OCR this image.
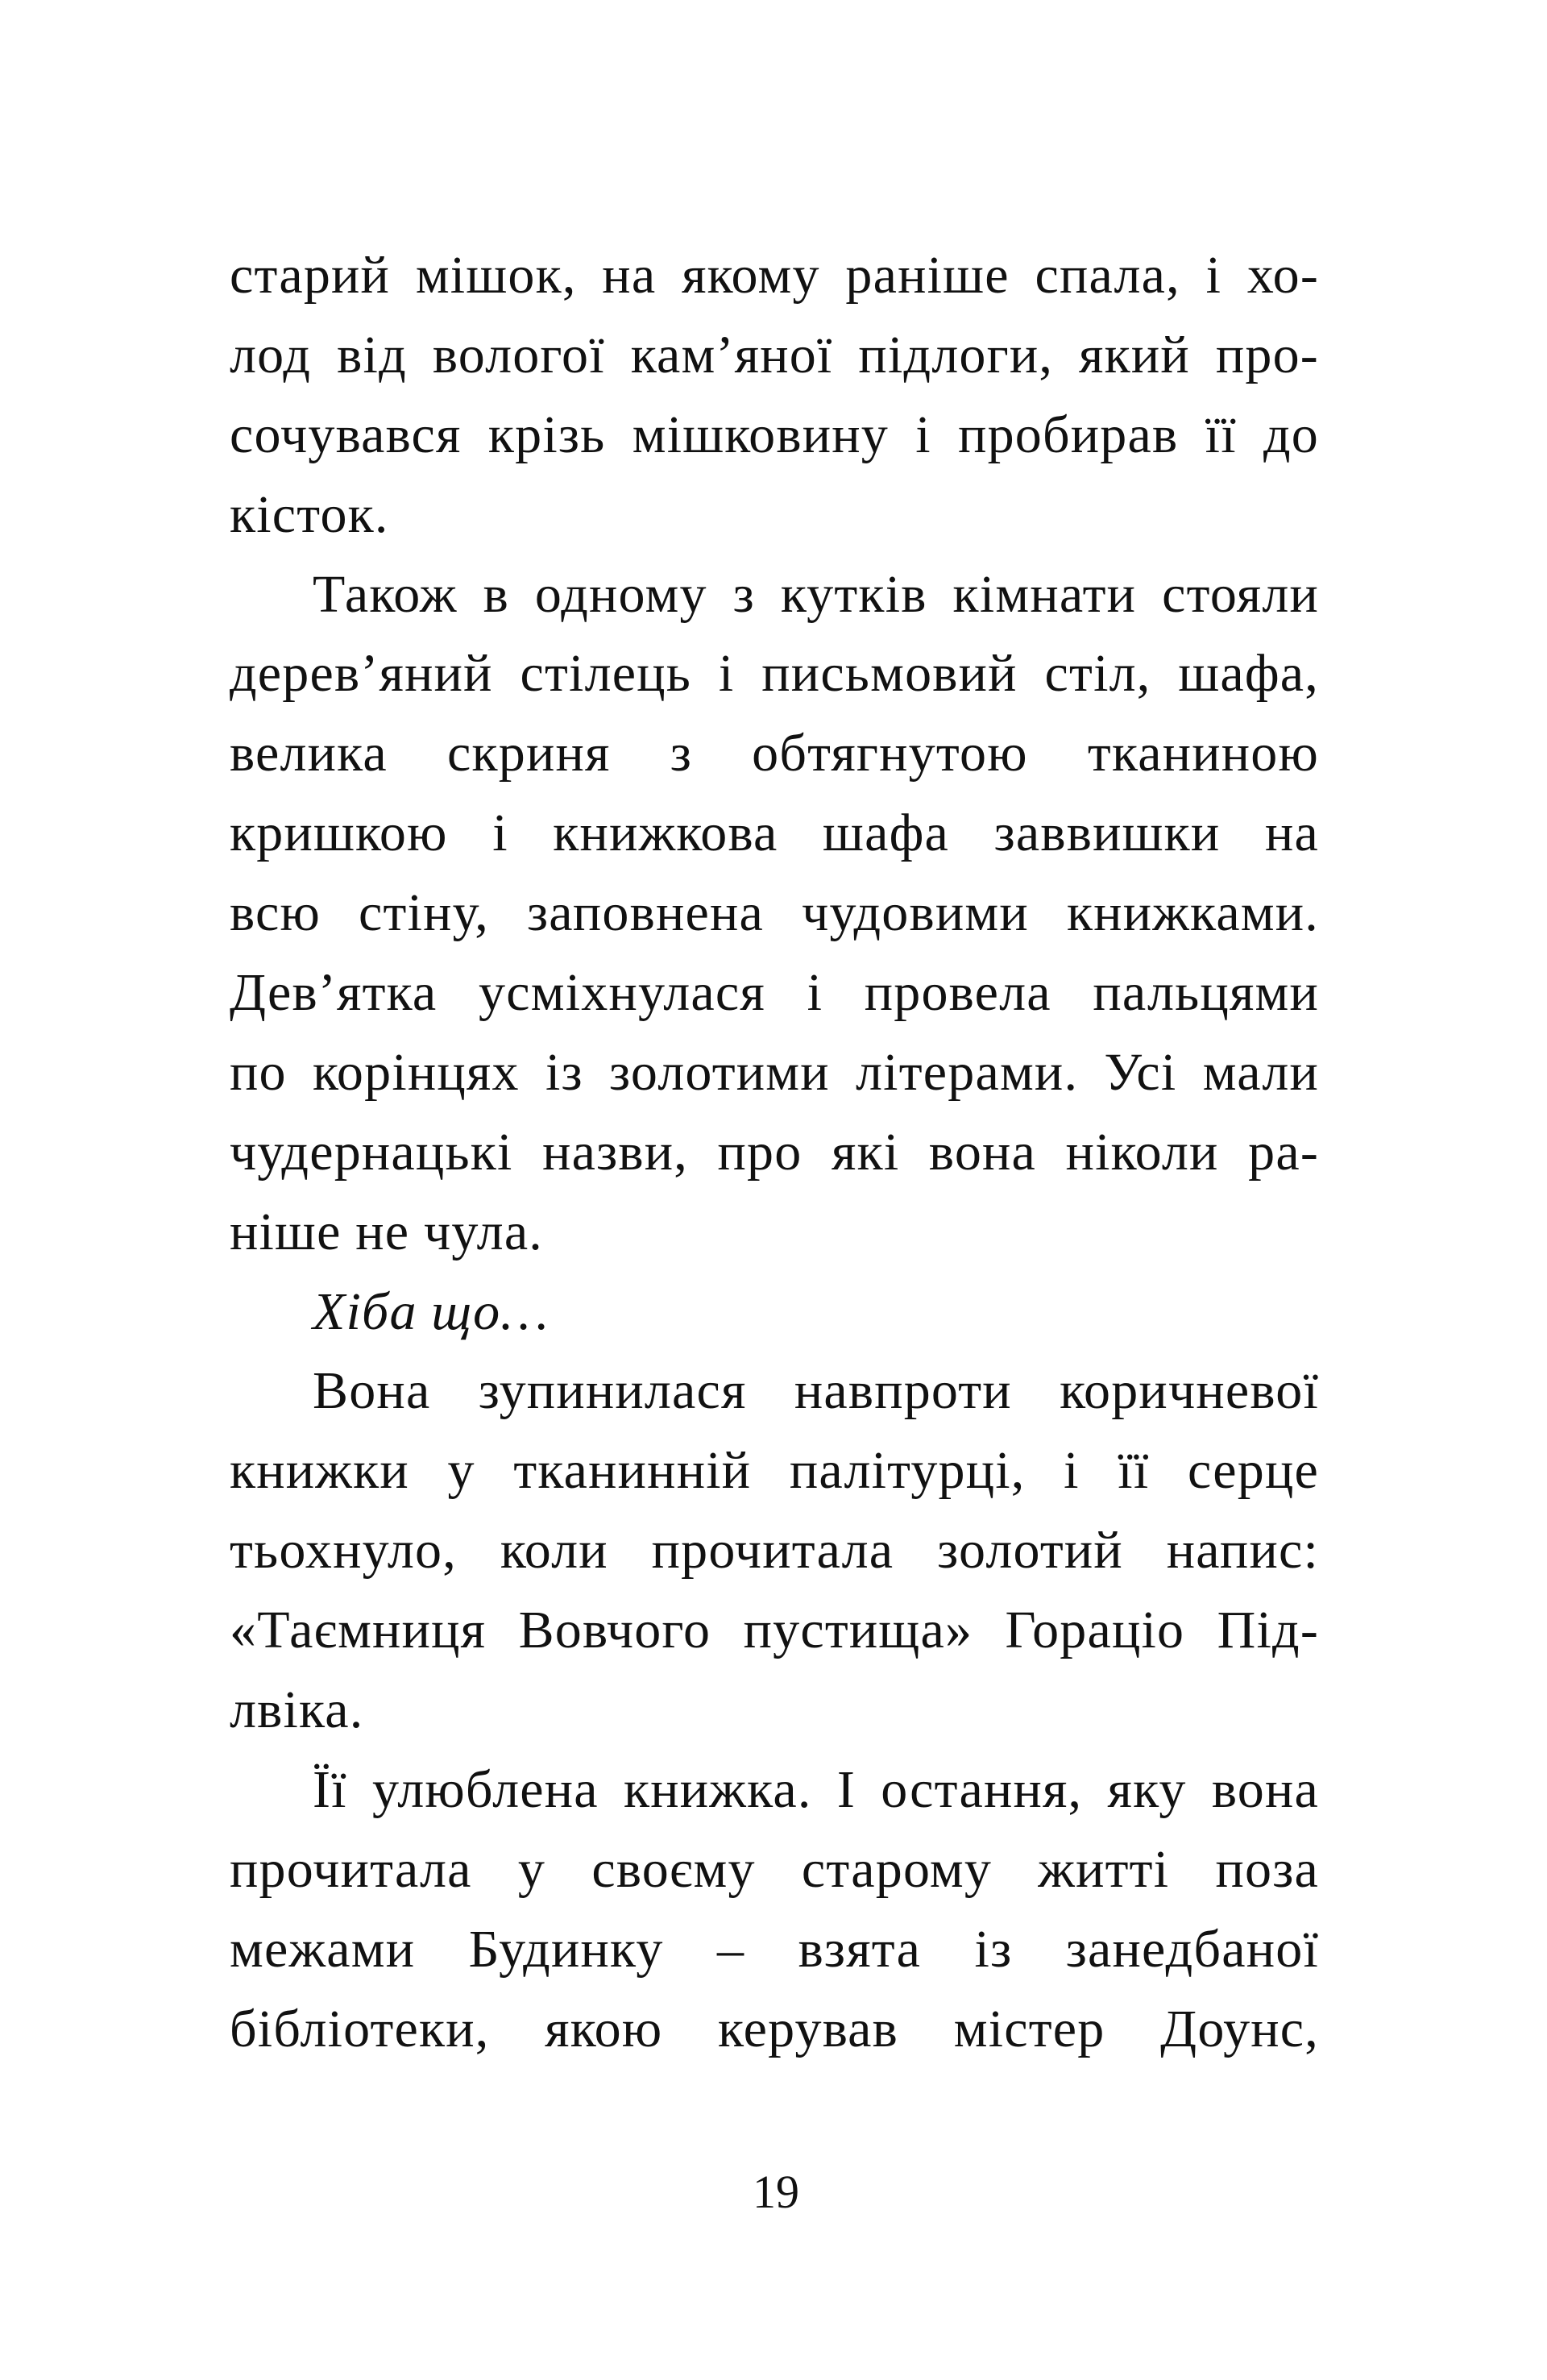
старий мішок, на якому раніше спала, і хо-
лод від вологої кам’яної підлоги, який про-
сочувався крізь мішковину і пробирав її до
кісток.
Також в одному з кутків кімнати стояли
дерев’яний стілець і письмовий стіл, шафа,
велика скриня з обтягнутою тканиною
кришкою і книжкова шафа заввишки на
всю стіну, заповнена чудовими книжками.
Дев’ятка усміхнулася і провела пальцями
по корінцях із золотими літерами. Усі мали
чудернацькі назви, про які вона ніколи ра-
ніше не чула.
Хіба що…
Вона зупинилася навпроти коричневої
книжки у тканинній палітурці, і її серце
тьохнуло, коли прочитала золотий напис:
«Таємниця Вовчого пустища» Гораціо Під-
лвіка.
Її улюблена книжка. І остання, яку вона
прочитала у своєму старому житті поза
межами Будинку – взята із занедбаної
бібліотеки, якою керував містер Доунс,
19
